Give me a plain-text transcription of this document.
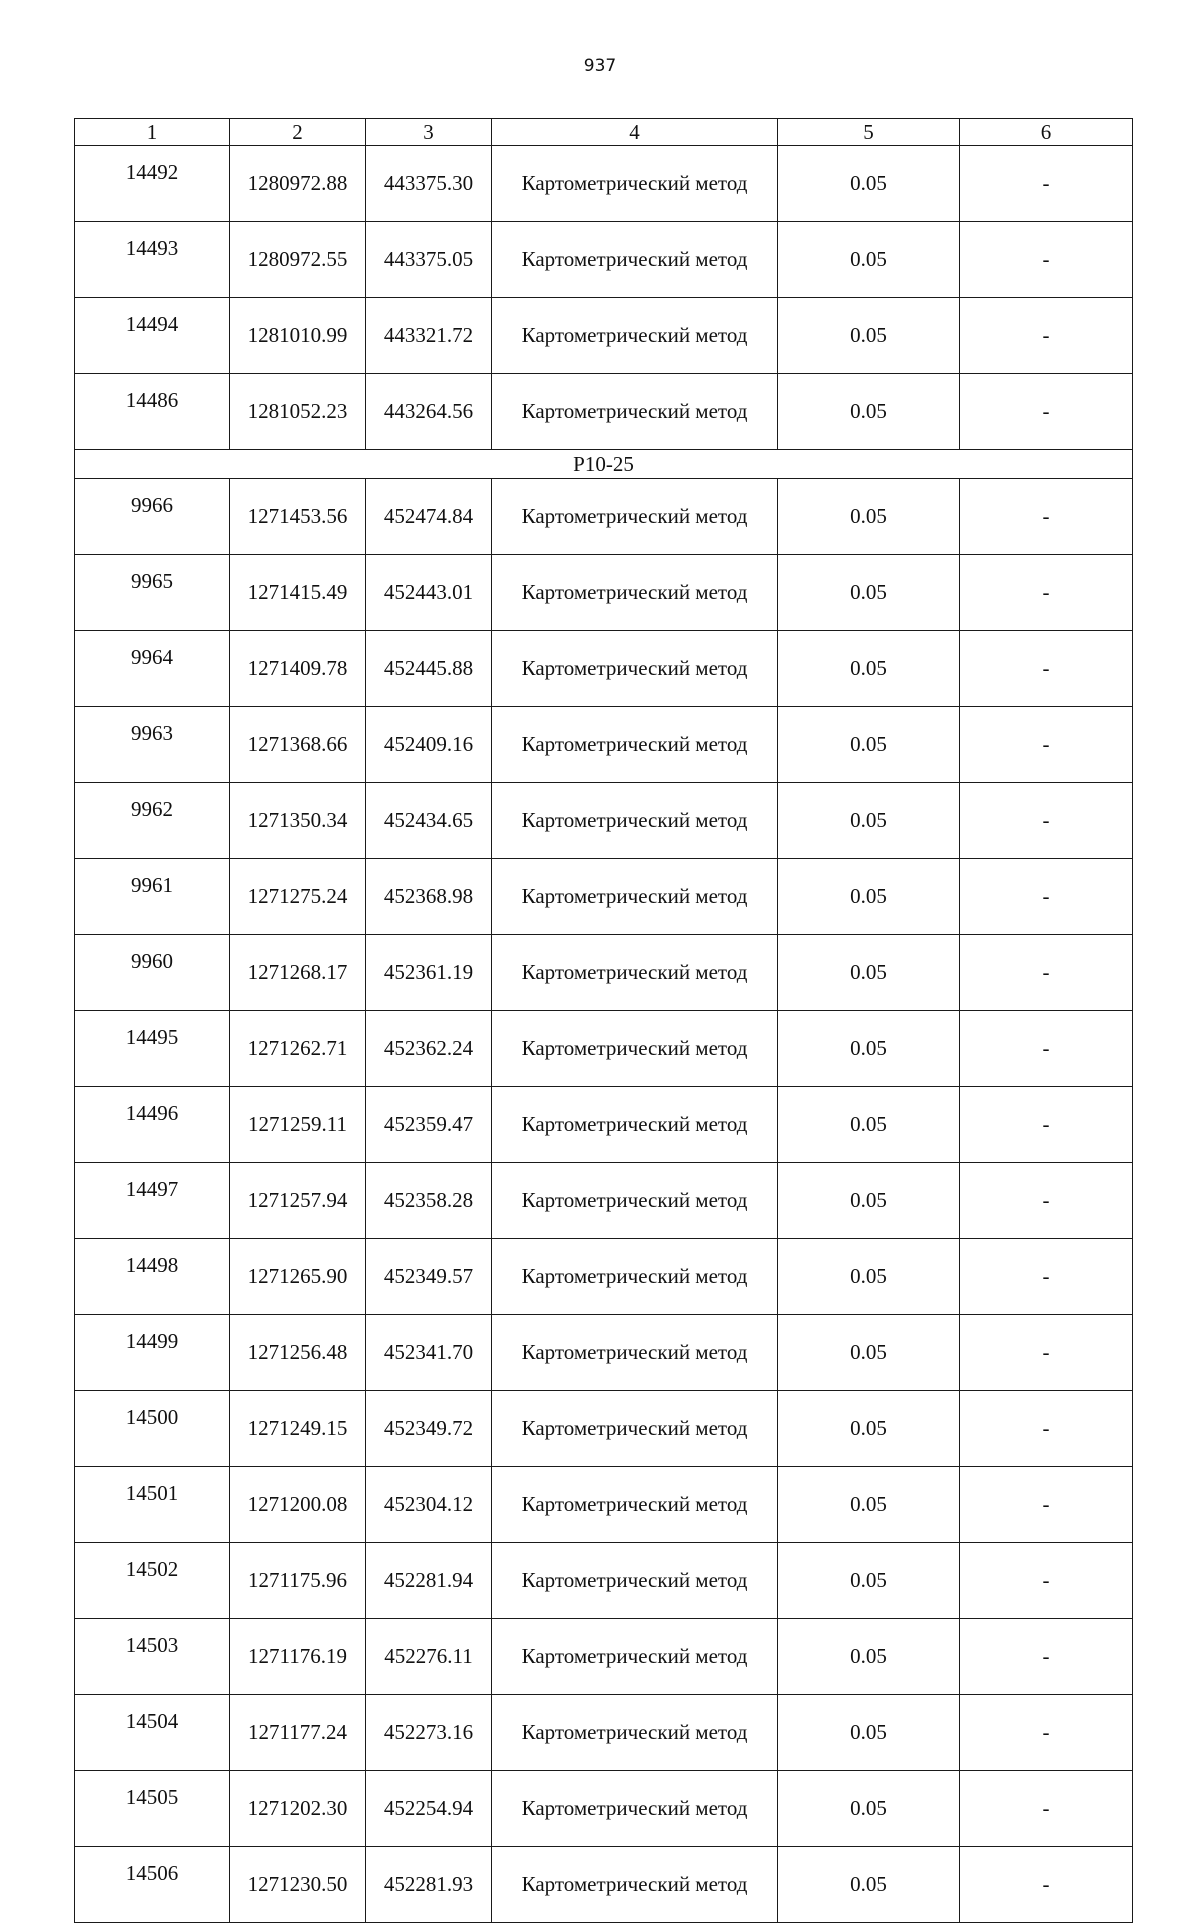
937
1	2	3	4	5	6
14492	1280972.88	443375.30	Картометрический метод	0.05	-
14493	1280972.55	443375.05	Картометрический метод	0.05	-
14494	1281010.99	443321.72	Картометрический метод	0.05	-
14486	1281052.23	443264.56	Картометрический метод	0.05	-
Р10-25					
9966	1271453.56	452474.84	Картометрический метод	0.05	-
9965	1271415.49	452443.01	Картометрический метод	0.05	-
9964	1271409.78	452445.88	Картометрический метод	0.05	-
9963	1271368.66	452409.16	Картометрический метод	0.05	-
9962	1271350.34	452434.65	Картометрический метод	0.05	-
9961	1271275.24	452368.98	Картометрический метод	0.05	-
9960	1271268.17	452361.19	Картометрический метод	0.05	-
14495	1271262.71	452362.24	Картометрический метод	0.05	-
14496	1271259.11	452359.47	Картометрический метод	0.05	-
14497	1271257.94	452358.28	Картометрический метод	0.05	-
14498	1271265.90	452349.57	Картометрический метод	0.05	-
14499	1271256.48	452341.70	Картометрический метод	0.05	-
14500	1271249.15	452349.72	Картометрический метод	0.05	-
14501	1271200.08	452304.12	Картометрический метод	0.05	-
14502	1271175.96	452281.94	Картометрический метод	0.05	-
14503	1271176.19	452276.11	Картометрический метод	0.05	-
14504	1271177.24	452273.16	Картометрический метод	0.05	-
14505	1271202.30	452254.94	Картометрический метод	0.05	-
14506	1271230.50	452281.93	Картометрический метод	0.05	-
